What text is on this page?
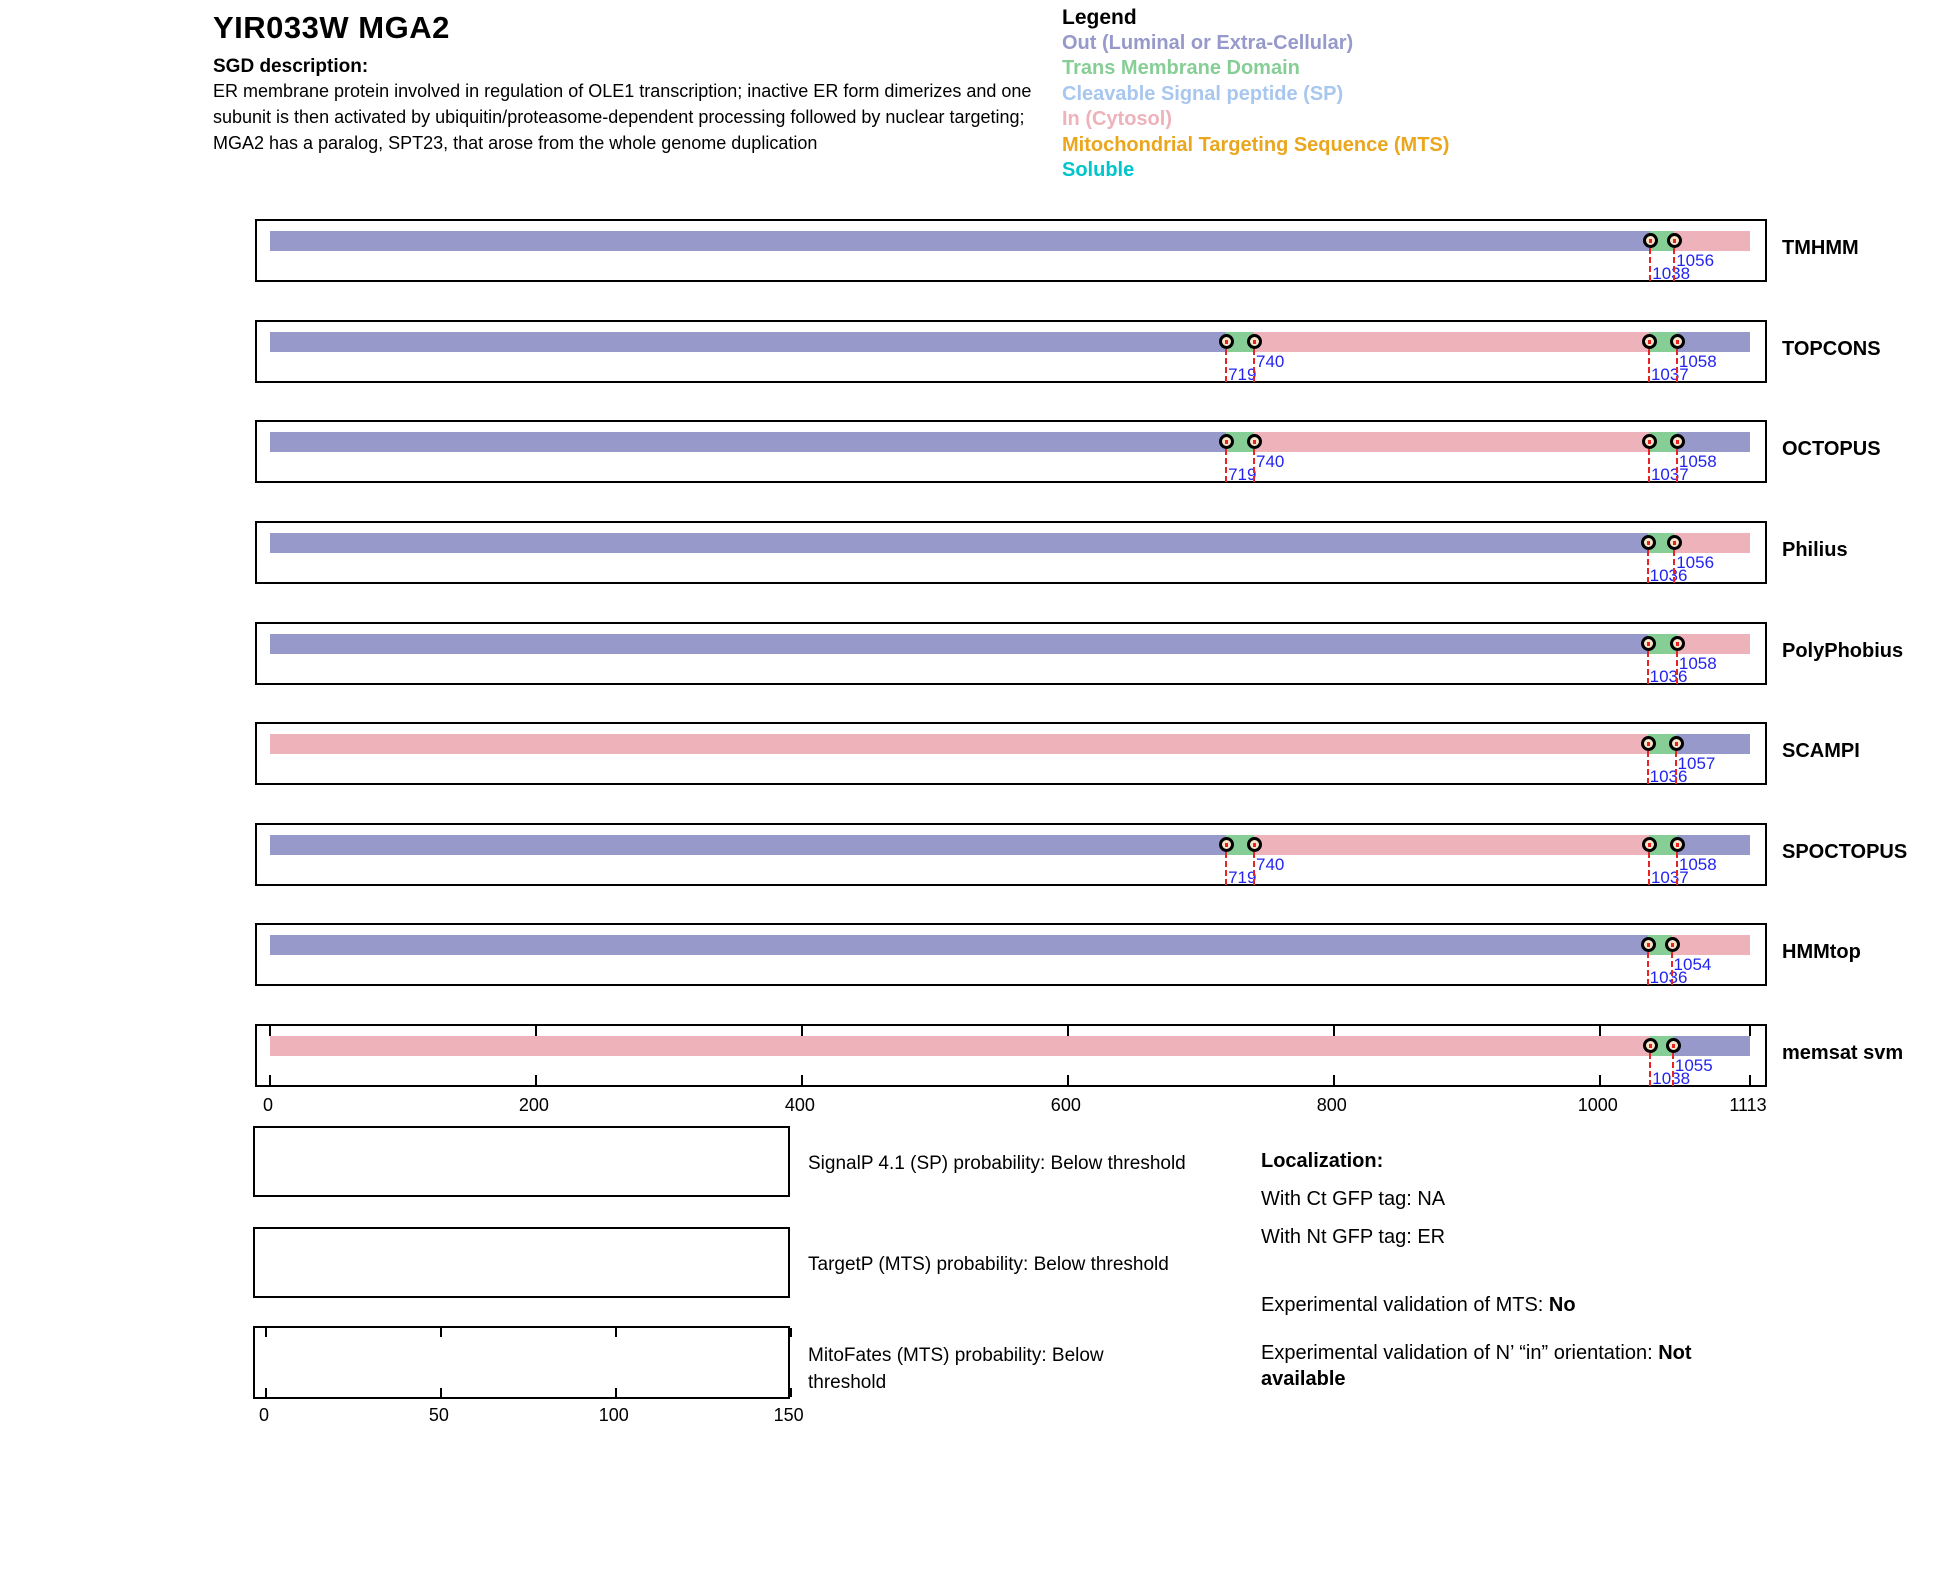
YIR033W MGA2
SGD description:
ER membrane protein involved in regulation of OLE1 transcription; inactive ER form dimerizes and one subunit is then activated by ubiquitin/proteasome-dependent processing followed by nuclear targeting; MGA2 has a paralog, SPT23, that arose from the whole genome duplication
Legend
Out (Luminal or Extra-Cellular)
Trans Membrane Domain
Cleavable Signal peptide (SP)
In (Cytosol)
Mitochondrial Targeting Sequence (MTS)
Soluble
1038
1056
TMHMM
719
740
1037
1058
TOPCONS
719
740
1037
1058
OCTOPUS
1036
1056
Philius
1036
1058
PolyPhobius
1036
1057
SCAMPI
719
740
1037
1058
SPOCTOPUS
1036
1054
HMMtop
1038
1055
memsat svm
0	200	400	600	800	1000	1113
SignalP 4.1 (SP) probability: Below threshold
TargetP (MTS) probability: Below threshold
MitoFates (MTS) probability: Below threshold
0	50	100	150
Localization:
With Ct GFP tag: NA
With Nt GFP tag: ER
Experimental validation of MTS: No
Experimental validation of N’ “in” orientation: Not available
